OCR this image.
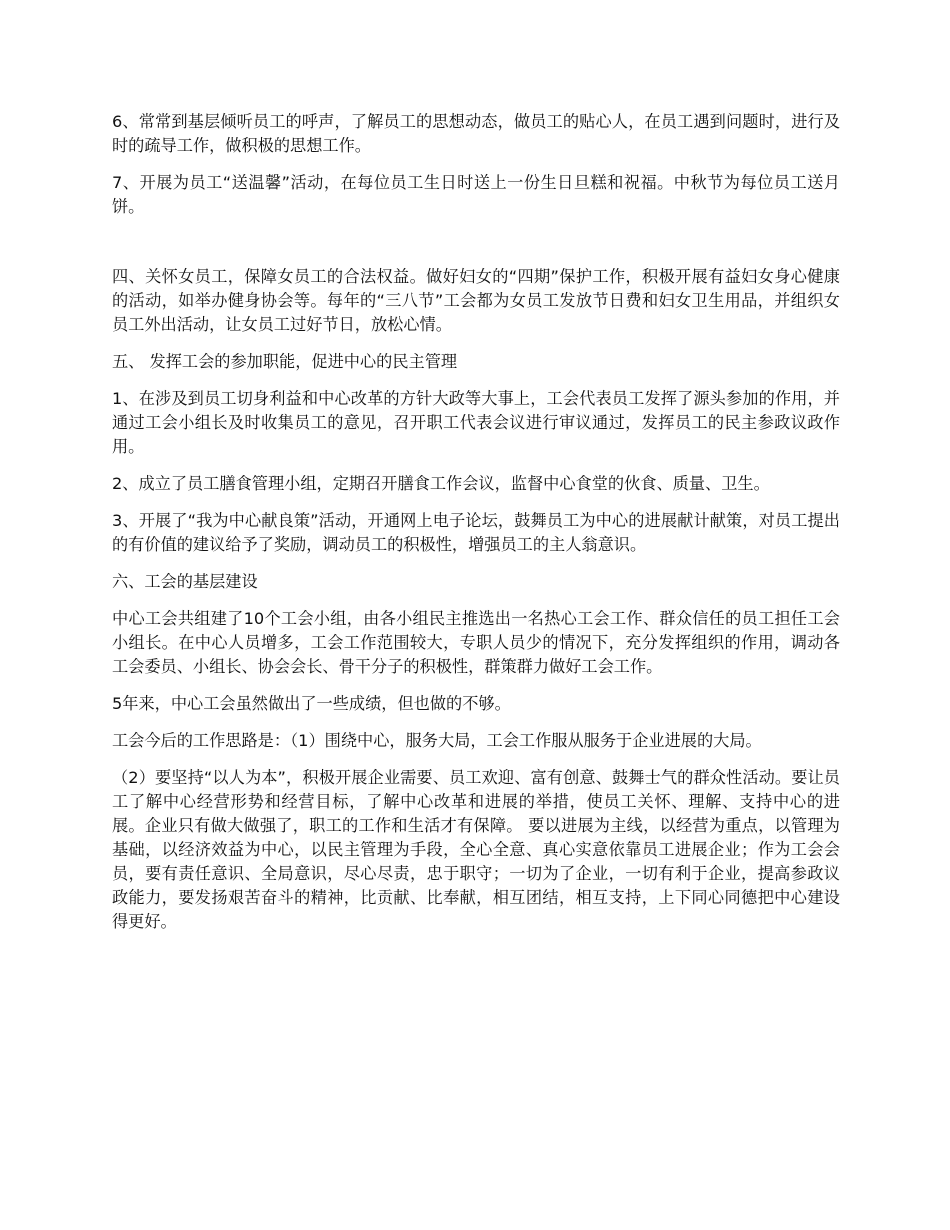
6、常常到基层倾听员工的呼声，了解员工的思想动态，做员工的贴心人，在员工遇到问题时，进行及时的疏导工作，做积极的思想工作。

7、开展为员工“送温馨”活动，在每位员工生日时送上一份生日旦糕和祝福。中秋节为每位员工送月饼。

四、关怀女员工，保障女员工的合法权益。做好妇女的“四期”保护工作，积极开展有益妇女身心健康的活动，如举办健身协会等。每年的“三八节”工会都为女员工发放节日费和妇女卫生用品，并组织女员工外出活动，让女员工过好节日，放松心情。

五、 发挥工会的参加职能，促进中心的民主管理

1、在涉及到员工切身利益和中心改革的方针大政等大事上，工会代表员工发挥了源头参加的作用，并通过工会小组长及时收集员工的意见，召开职工代表会议进行审议通过，发挥员工的民主参政议政作用。

2、成立了员工膳食管理小组，定期召开膳食工作会议，监督中心食堂的伙食、质量、卫生。

3、开展了“我为中心献良策”活动，开通网上电子论坛，鼓舞员工为中心的进展献计献策，对员工提出的有价值的建议给予了奖励，调动员工的积极性，增强员工的主人翁意识。

六、工会的基层建设

中心工会共组建了10个工会小组，由各小组民主推选出一名热心工会工作、群众信任的员工担任工会小组长。在中心人员增多，工会工作范围较大，专职人员少的情况下，充分发挥组织的作用，调动各工会委员、小组长、协会会长、骨干分子的积极性，群策群力做好工会工作。

5年来，中心工会虽然做出了一些成绩，但也做的不够。

工会今后的工作思路是：（1）围绕中心，服务大局，工会工作服从服务于企业进展的大局。

（2）要坚持“以人为本”，积极开展企业需要、员工欢迎、富有创意、鼓舞士气的群众性活动。要让员工了解中心经营形势和经营目标，了解中心改革和进展的举措，使员工关怀、理解、支持中心的进展。企业只有做大做强了，职工的工作和生活才有保障。 要以进展为主线，以经营为重点，以管理为基础，以经济效益为中心，以民主管理为手段，全心全意、真心实意依靠员工进展企业；作为工会会员，要有责任意识、全局意识，尽心尽责，忠于职守；一切为了企业，一切有利于企业，提高参政议政能力，要发扬艰苦奋斗的精神，比贡献、比奉献，相互团结，相互支持，上下同心同德把中心建设得更好。
